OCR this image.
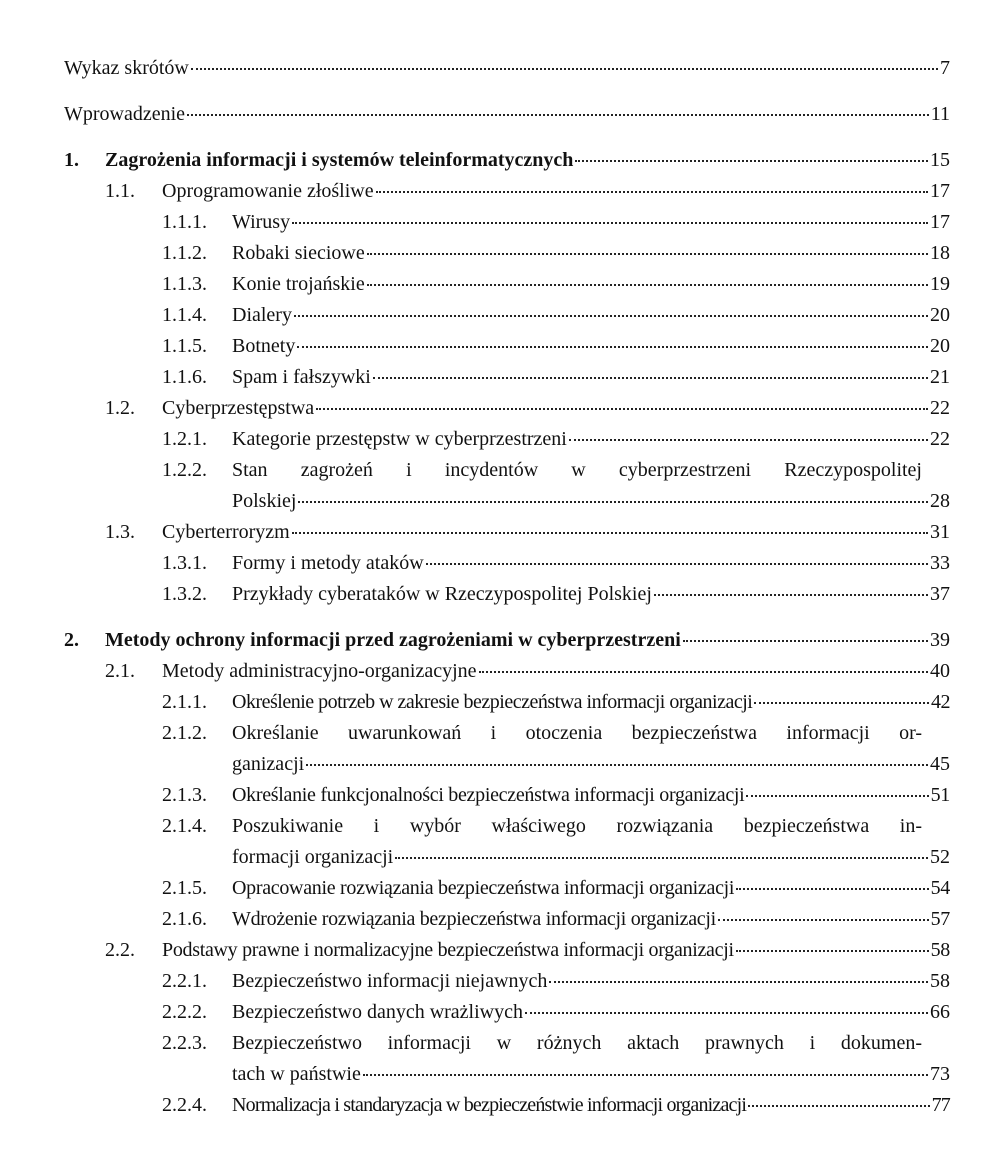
Wykaz skrótów	7
Wprowadzenie	11
1. Zagrożenia informacji i systemów teleinformatycznych	15
1.1. Oprogramowanie złośliwe	17
1.1.1. Wirusy	17
1.1.2. Robaki sieciowe	18
1.1.3. Konie trojańskie	19
1.1.4. Dialery	20
1.1.5. Botnety	20
1.1.6. Spam i fałszywki	21
1.2. Cyberprzestępstwa	22
1.2.1. Kategorie przestępstw w cyberprzestrzeni	22
1.2.2. Stan zagrożeń i incydentów w cyberprzestrzeni Rzeczypospolitej
Polskiej	28
1.3. Cyberterroryzm	31
1.3.1. Formy i metody ataków	33
1.3.2. Przykłady cyberataków w Rzeczypospolitej Polskiej	37
2. Metody ochrony informacji przed zagrożeniami w cyberprzestrzeni	39
2.1. Metody administracyjno-organizacyjne	40
2.1.1. Określenie potrzeb w zakresie bezpieczeństwa informacji organizacji	42
2.1.2. Określanie uwarunkowań i otoczenia bezpieczeństwa informacji or-
ganizacji	45
2.1.3. Określanie funkcjonalności bezpieczeństwa informacji organizacji	51
2.1.4. Poszukiwanie i wybór właściwego rozwiązania bezpieczeństwa in-
formacji organizacji	52
2.1.5. Opracowanie rozwiązania bezpieczeństwa informacji organizacji	54
2.1.6. Wdrożenie rozwiązania bezpieczeństwa informacji organizacji	57
2.2. Podstawy prawne i normalizacyjne bezpieczeństwa informacji organizacji	58
2.2.1. Bezpieczeństwo informacji niejawnych	58
2.2.2. Bezpieczeństwo danych wrażliwych	66
2.2.3. Bezpieczeństwo informacji w różnych aktach prawnych i dokumen-
tach w państwie	73
2.2.4. Normalizacja i standaryzacja w bezpieczeństwie informacji organizacji	77
